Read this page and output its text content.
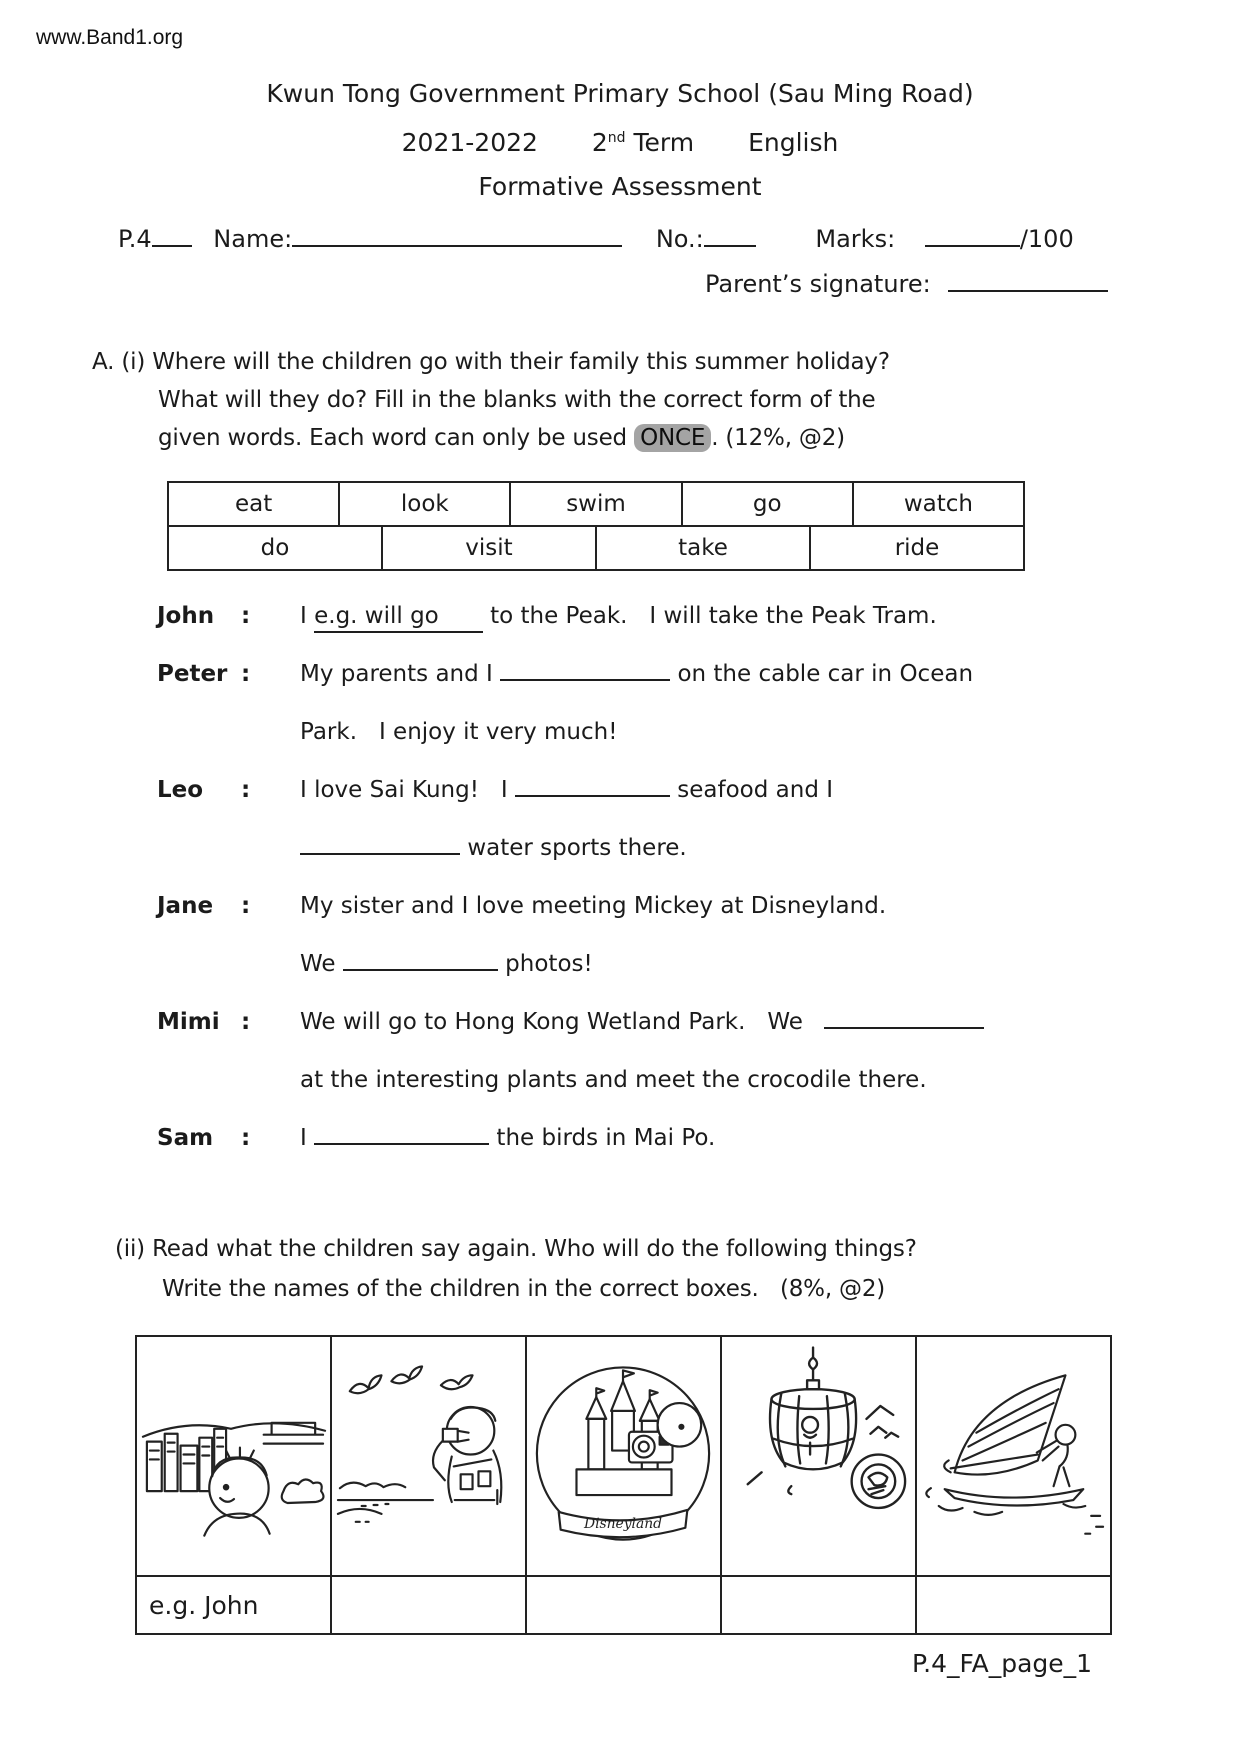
www.Band1.org
Kwun Tong Government Primary School (Sau Ming Road)
2021-2022 2nd Term English
Formative Assessment
P.4	Name:	No.:	Marks:	/100
Parent’s signature:
A. (i) Where will the children go with their family this summer holiday?
What will they do? Fill in the blanks with the correct form of the
given words. Each word can only be used ONCE . (12%, @2)
eat	look	swim	go	watch
do	visit	take	ride
John :	I e.g. will go to the Peak.   I will take the Peak Tram.
Peter :	My parents and I	on the cable car in Ocean
Park.   I enjoy it very much!
Leo :	I love Sai Kung!   I	seafood and I
water sports there.
Jane :	My sister and I love meeting Mickey at Disneyland.
We	photos!
Mimi :	We will go to Hong Kong Wetland Park.   We
at the interesting plants and meet the crocodile there.
Sam :	I	the birds in Mai Po.
(ii) Read what the children say again. Who will do the following things?
Write the names of the children in the correct boxes.   (8%, @2)
Disneyland
e.g. John
P.4_FA_page_1
